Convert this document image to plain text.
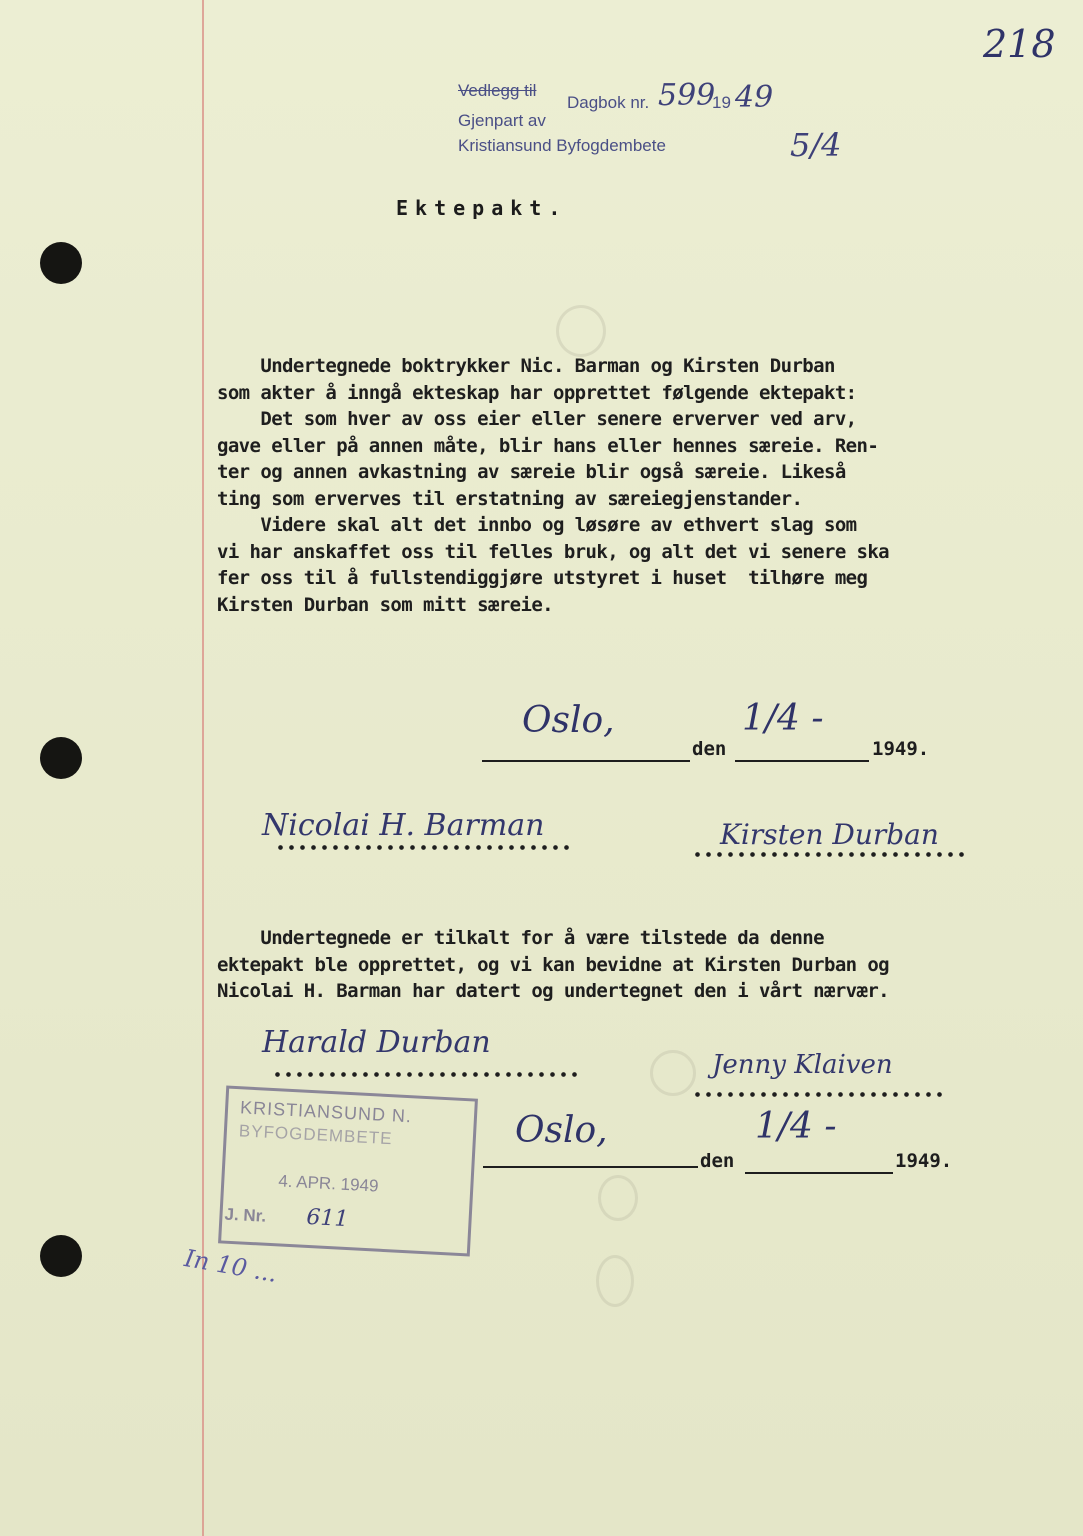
218
Vedlegg til
Dagbok nr. 599
19 49
Gjenpart av
Kristiansund Byfogdembete	5/4
Ektepakt.

Undertegnede boktrykker Nic. Barman og Kirsten Durban
som akter å inngå ekteskap har opprettet følgende ektepakt:
Det som hver av oss eier eller senere erverver ved arv,
gave eller på annen måte, blir hans eller hennes særeie. Ren-
ter og annen avkastning av særeie blir også særeie. Likeså
ting som erverves til erstatning av særeiegjenstander.
Videre skal alt det innbo og løsøre av ethvert slag som
vi har anskaffet oss til felles bruk, og alt det vi senere ska
fer oss til å fullstendiggjøre utstyret i huset  tilhøre meg
Kirsten Durban som mitt særeie.

Oslo,
den
1/4 -
1949.
Nicolai H. Barman	Kirsten Durban

Undertegnede er tilkalt for å være tilstede da denne
ektepakt ble opprettet, og vi kan bevidne at Kirsten Durban og
Nicolai H. Barman har datert og undertegnet den i vårt nærvær.

Harald Durban
Jenny Klaiven
Oslo,
den
1/4 -
1949.
KRISTIANSUND N.
BYFOGDEMBETE
4. APR. 1949
J. Nr. 611
In 10 ...
